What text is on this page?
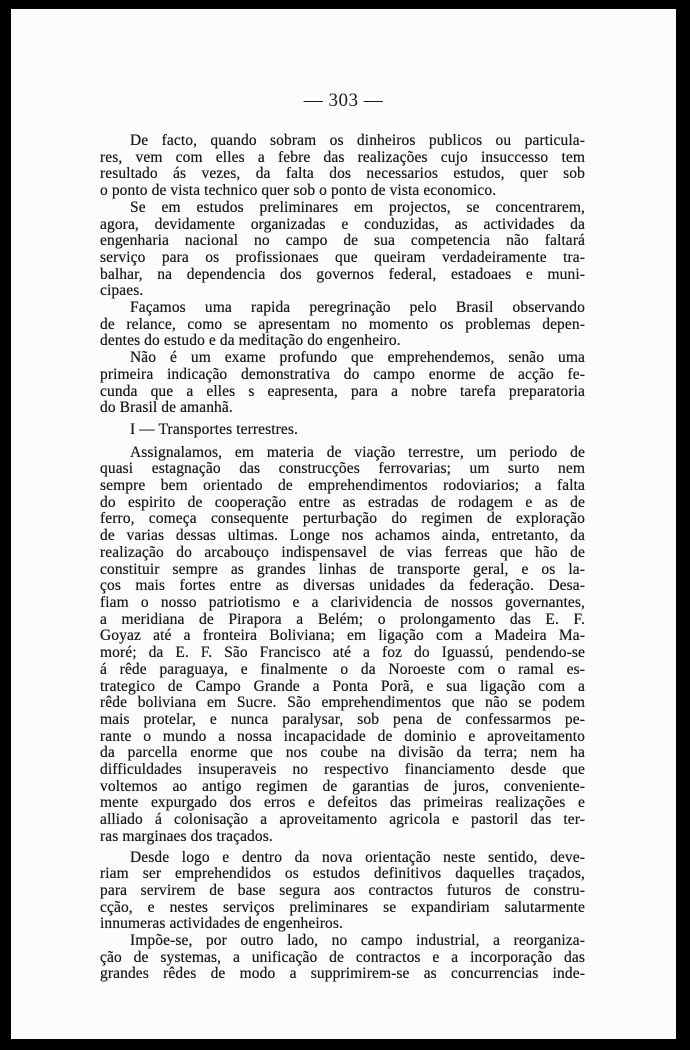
— 303 —

De facto, quando sobram os dinheiros publicos ou particula-
res, vem com elles a febre das realizações cujo insuccesso tem
resultado ás vezes, da falta dos necessarios estudos, quer sob
o ponto de vista technico quer sob o ponto de vista economico.

Se em estudos preliminares em projectos, se concentrarem,
agora, devidamente organizadas e conduzidas, as actividades da
engenharia nacional no campo de sua competencia não faltará
serviço para os profissionaes que queiram verdadeiramente tra-
balhar, na dependencia dos governos federal, estadoaes e muni-
cipaes.

Façamos uma rapida peregrinação pelo Brasil observando
de relance, como se apresentam no momento os problemas depen-
dentes do estudo e da meditação do engenheiro.

Não é um exame profundo que emprehendemos, senão uma
primeira indicação demonstrativa do campo enorme de acção fe-
cunda que a elles s eapresenta, para a nobre tarefa preparatoria
do Brasil de amanhã.

I — Transportes terrestres.

Assignalamos, em materia de viação terrestre, um periodo de
quasi estagnação das construcções ferrovarias; um surto nem
sempre bem orientado de emprehendimentos rodoviarios; a falta
do espirito de cooperação entre as estradas de rodagem e as de
ferro, começa consequente perturbação do regimen de exploração
de varias dessas ultimas. Longe nos achamos ainda, entretanto, da
realização do arcabouço indispensavel de vias ferreas que hão de
constituir sempre as grandes linhas de transporte geral, e os la-
ços mais fortes entre as diversas unidades da federação. Desa-
fiam o nosso patriotismo e a clarividencia de nossos governantes,
a meridiana de Pirapora a Belém; o prolongamento das E. F.
Goyaz até a fronteira Boliviana; em ligação com a Madeira Ma-
moré; da E. F. São Francisco até a foz do Iguassú, pendendo-se
á rêde paraguaya, e finalmente o da Noroeste com o ramal es-
trategico de Campo Grande a Ponta Porã, e sua ligação com a
rêde boliviana em Sucre. São emprehendimentos que não se podem
mais protelar, e nunca paralysar, sob pena de confessarmos pe-
rante o mundo a nossa incapacidade de dominio e aproveitamento
da parcella enorme que nos coube na divisão da terra; nem ha
difficuldades insuperaveis no respectivo financiamento desde que
voltemos ao antigo regimen de garantias de juros, conveniente-
mente expurgado dos erros e defeitos das primeiras realizações e
alliado á colonisação a aproveitamento agricola e pastoril das ter-
ras marginaes dos traçados.

Desde logo e dentro da nova orientação neste sentido, deve-
riam ser emprehendidos os estudos definitivos daquelles traçados,
para servirem de base segura aos contractos futuros de constru-
cção, e nestes serviços preliminares se expandiriam salutarmente
innumeras actividades de engenheiros.

Impõe-se, por outro lado, no campo industrial, a reorganiza-
ção de systemas, a unificação de contractos e a incorporação das
grandes rêdes de modo a supprimirem-se as concurrencias inde-
